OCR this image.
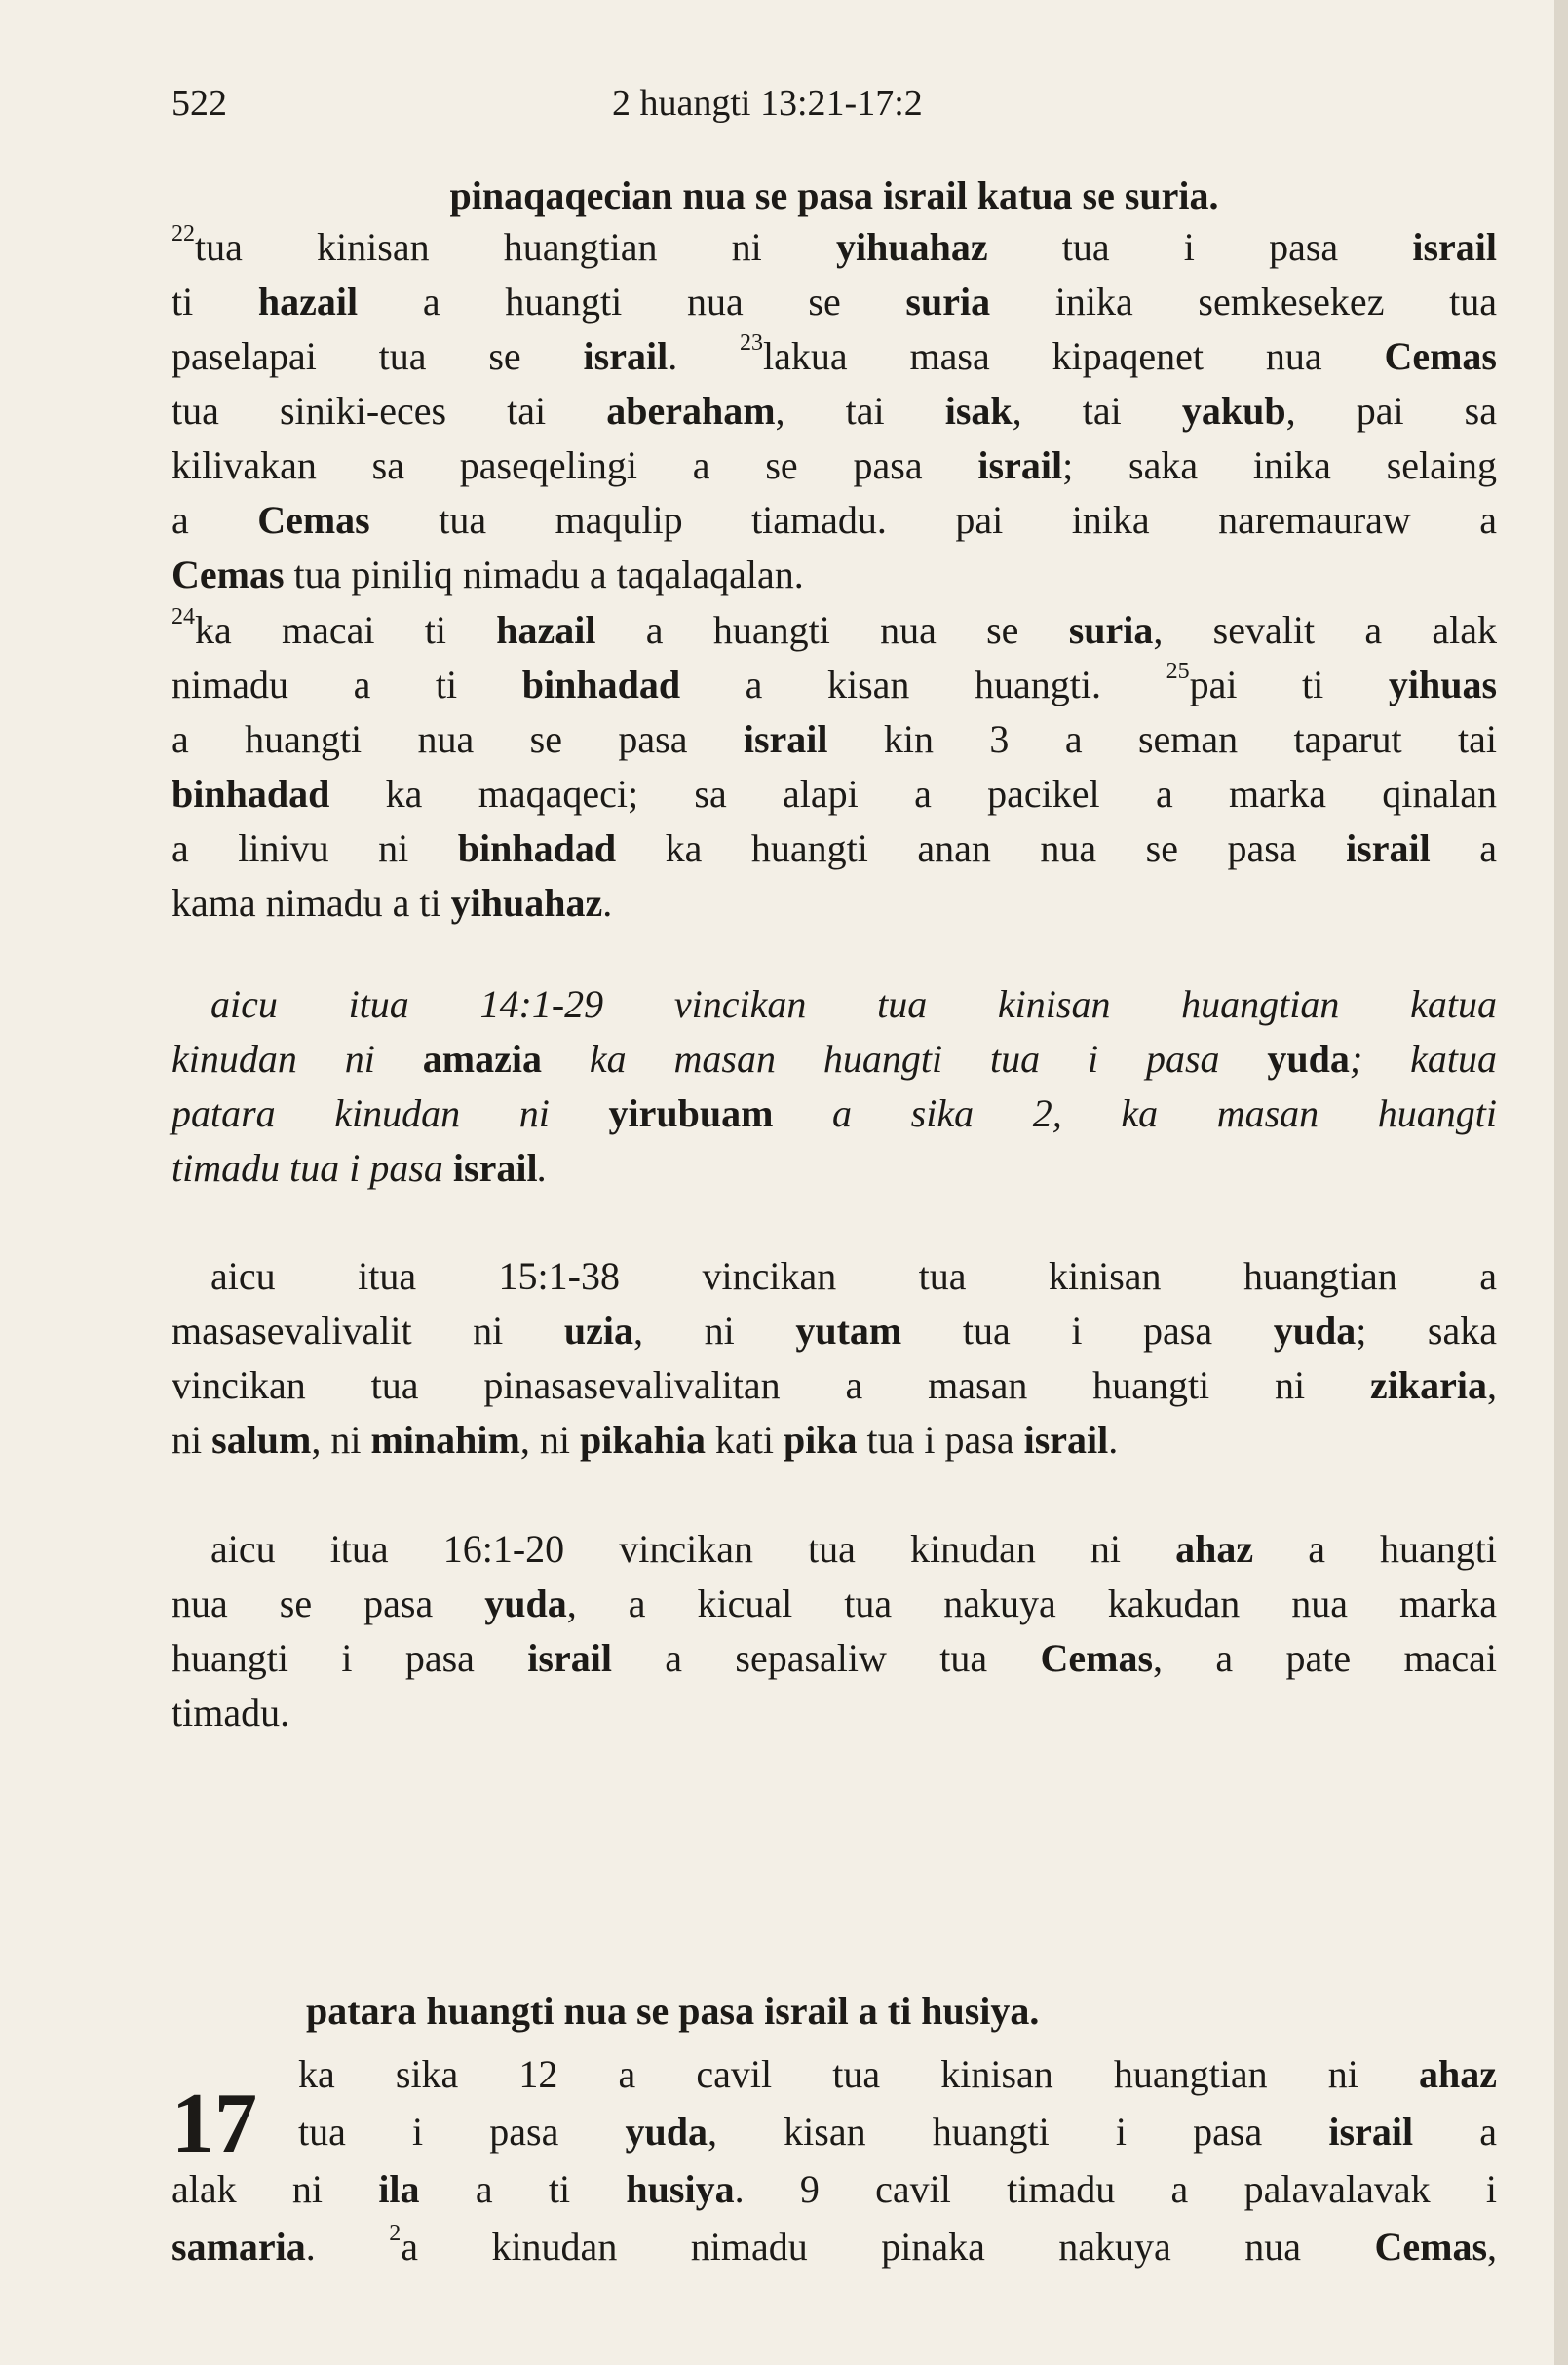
522	2 huangti 13:21-17:2
pinaqaqecian nua se pasa israil katua se suria.
$^{22}$tua kinisan huangtian ni yihuahaz tua i pasa israil
ti hazail a huangti nua se suria inika semkesekez tua
paselapai tua se israil. $^{23}$lakua masa kipaqenet nua Cemas
tua siniki-eces tai aberaham, tai isak, tai yakub, pai sa
kilivakan sa paseqelingi a se pasa israil; saka inika selaing
a Cemas tua maqulip tiamadu. pai inika naremauraw a
Cemas tua piniliq nimadu a taqalaqalan.
$^{24}$ka macai ti hazail a huangti nua se suria, sevalit a alak
nimadu a ti binhadad a kisan huangti. $^{25}$pai ti yihuas
a huangti nua se pasa israil kin 3 a seman taparut tai
binhadad ka maqaqeci; sa alapi a pacikel a marka qinalan
a linivu ni binhadad ka huangti anan nua se pasa israil a
kama nimadu a ti yihuahaz.
aicu itua 14:1-29 vincikan tua kinisan huangtian katua
kinudan ni amazia ka masan huangti tua i pasa yuda; katua
patara kinudan ni yirubuam a sika 2, ka masan huangti
timadu tua i pasa israil.
aicu itua 15:1-38 vincikan tua kinisan huangtian a
masasevalivalit ni uzia, ni yutam tua i pasa yuda; saka
vincikan tua pinasasevalivalitan a masan huangti ni zikaria,
ni salum, ni minahim, ni pikahia kati pika tua i pasa israil.
aicu itua 16:1-20 vincikan tua kinudan ni ahaz a huangti
nua se pasa yuda, a kicual tua nakuya kakudan nua marka
huangti i pasa israil a sepasaliw tua Cemas, a pate macai
timadu.
patara huangti nua se pasa israil a ti husiya.
17
ka sika 12 a cavil tua kinisan huangtian ni ahaz
tua i pasa yuda, kisan huangti i pasa israil a
alak ni ila a ti husiya. 9 cavil timadu a palavalavak i
samaria. $^2$a kinudan nimadu pinaka nakuya nua Cemas,
